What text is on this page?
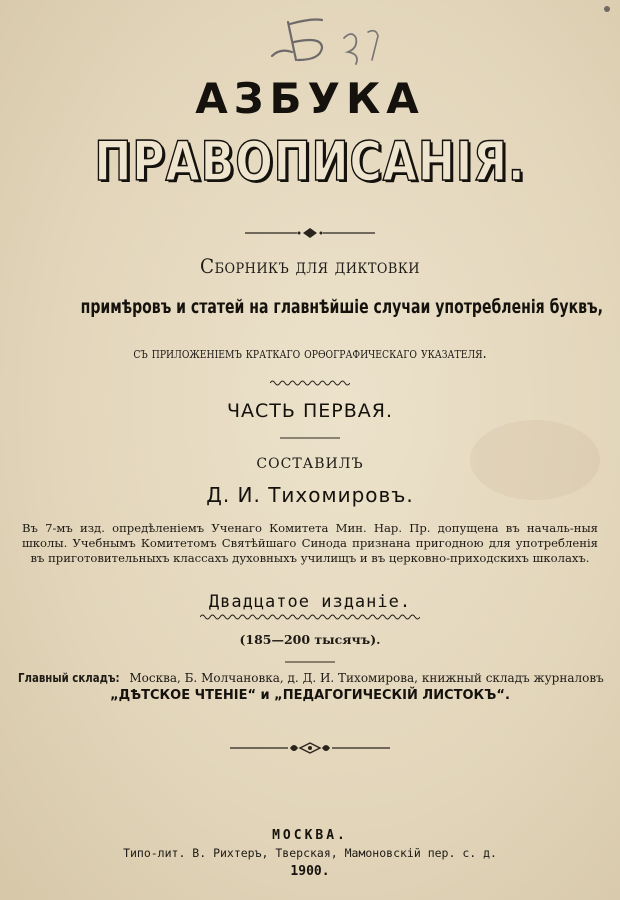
АЗБУКА
ПРАВОПИСАНІЯ.
Сборникъ для диктовки
примѣровъ и статей на главнѣйшіе случаи употребленія буквъ,
съ приложеніемъ краткаго орѳографическаго указателя.
ЧАСТЬ ПЕРВАЯ.
СОСТАВИЛЪ
Д. И. Тихомировъ.
Въ 7-мъ изд. опредѣленіемъ Ученаго Комитета Мин. Нар. Пр. допущена въ началь-ныя школы. Учебнымъ Комитетомъ Святѣйшаго Синода признана пригодною для употребленія въ приготовительныхъ классахъ духовныхъ училищъ и въ церковно-приходскихъ школахъ.
Двадцатое изданіе.
(185—200 тысячъ).
Главный складъ: Москва, Б. Молчановка, д. Д. И. Тихомирова, книжный складъ журналовъ
„ДѢТСКОЕ ЧТЕНІЕ“ и „ПЕДАГОГИЧЕСКІЙ ЛИСТОКЪ“.
МОСКВА.
Типо-лит. В. Рихтеръ, Тверская, Мамоновскій пер. с. д.
1900.
